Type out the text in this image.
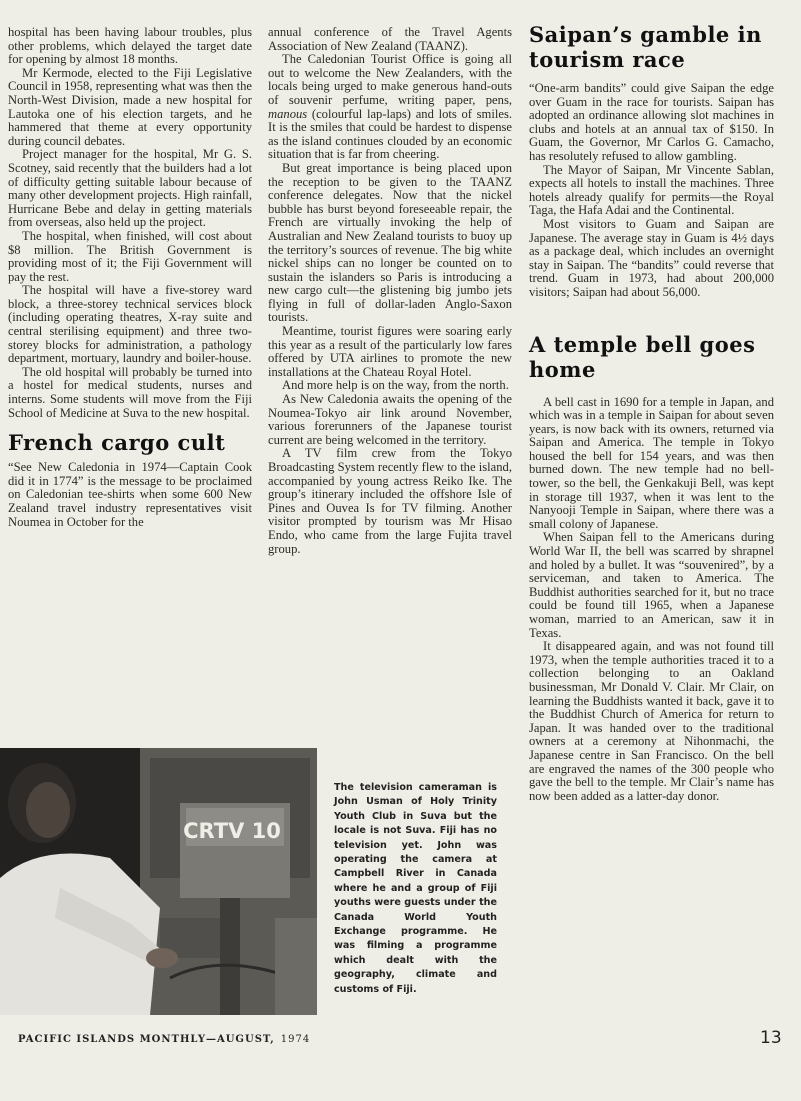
hospital has been having labour troubles, plus other problems, which delayed the target date for opening by almost 18 months.

Mr Kermode, elected to the Fiji Legislative Council in 1958, representing what was then the North-West Division, made a new hospital for Lautoka one of his election targets, and he hammered that theme at every opportunity during council debates.

Project manager for the hospital, Mr G. S. Scotney, said recently that the builders had a lot of difficulty getting suitable labour because of many other development projects. High rainfall, Hurricane Bebe and delay in getting materials from overseas, also held up the project.

The hospital, when finished, will cost about $8 million. The British Government is providing most of it; the Fiji Government will pay the rest.

The hospital will have a five-storey ward block, a three-storey technical services block (including operating theatres, X-ray suite and central sterilising equipment) and three two-storey blocks for administration, a pathology department, mortuary, laundry and boiler-house.

The old hospital will probably be turned into a hostel for medical students, nurses and interns. Some students will move from the Fiji School of Medicine at Suva to the new hospital.

French cargo cult

“See New Caledonia in 1974—Captain Cook did it in 1774” is the message to be proclaimed on Caledonian tee-shirts when some 600 New Zealand travel industry representatives visit Noumea in October for the

annual conference of the Travel Agents Association of New Zealand (TAANZ).

The Caledonian Tourist Office is going all out to welcome the New Zealanders, with the locals being urged to make generous hand-outs of souvenir perfume, writing paper, pens, manous (colourful lap-laps) and lots of smiles. It is the smiles that could be hardest to dispense as the island continues clouded by an economic situation that is far from cheering.

But great importance is being placed upon the reception to be given to the TAANZ conference delegates. Now that the nickel bubble has burst beyond foreseeable repair, the French are virtually invoking the help of Australian and New Zealand tourists to buoy up the territory’s sources of revenue. The big white nickel ships can no longer be counted on to sustain the islanders so Paris is introducing a new cargo cult—the glistening big jumbo jets flying in full of dollar-laden Anglo-Saxon tourists.

Meantime, tourist figures were soaring early this year as a result of the particularly low fares offered by UTA airlines to promote the new installations at the Chateau Royal Hotel.

And more help is on the way, from the north.

As New Caledonia awaits the opening of the Noumea-Tokyo air link around November, various forerunners of the Japanese tourist current are being welcomed in the territory.

A TV film crew from the Tokyo Broadcasting System recently flew to the island, accompanied by young actress Reiko Ike. The group’s itinerary included the offshore Isle of Pines and Ouvea Is for TV filming. Another visitor prompted by tourism was Mr Hisao Endo, who came from the large Fujita travel group.

Saipan’s gamble in tourism race

“One-arm bandits” could give Saipan the edge over Guam in the race for tourists. Saipan has adopted an ordinance allowing slot machines in clubs and hotels at an annual tax of $150. In Guam, the Governor, Mr Carlos G. Camacho, has resolutely refused to allow gambling.

The Mayor of Saipan, Mr Vincente Sablan, expects all hotels to install the machines. Three hotels already qualify for permits—the Royal Taga, the Hafa Adai and the Continental.

Most visitors to Guam and Saipan are Japanese. The average stay in Guam is 4½ days as a package deal, which includes an overnight stay in Saipan. The “bandits” could reverse that trend. Guam in 1973, had about 200,000 visitors; Saipan had about 56,000.

A temple bell goes home

A bell cast in 1690 for a temple in Japan, and which was in a temple in Saipan for about seven years, is now back with its owners, returned via Saipan and America. The temple in Tokyo housed the bell for 154 years, and was then burned down. The new temple had no bell-tower, so the bell, the Genkakuji Bell, was kept in storage till 1937, when it was lent to the Nanyooji Temple in Saipan, where there was a small colony of Japanese.

When Saipan fell to the Americans during World War II, the bell was scarred by shrapnel and holed by a bullet. It was “souvenired”, by a serviceman, and taken to America. The Buddhist authorities searched for it, but no trace could be found till 1965, when a Japanese woman, married to an American, saw it in Texas.

It disappeared again, and was not found till 1973, when the temple authorities traced it to a collection belonging to an Oakland businessman, Mr Donald V. Clair. Mr Clair, on learning the Buddhists wanted it back, gave it to the Buddhist Church of America for return to Japan. It was handed over to the traditional owners at a ceremony at Nihonmachi, the Japanese centre in San Francisco. On the bell are engraved the names of the 300 people who gave the bell to the temple. Mr Clair’s name has now been added as a latter-day donor.

CRTV 10
The television cameraman is John Usman of Holy Trinity Youth Club in Suva but the locale is not Suva. Fiji has no television yet. John was operating the camera at Campbell River in Canada where he and a group of Fiji youths were guests under the Canada World Youth Exchange programme. He was filming a programme which dealt with the geography, climate and customs of Fiji.
PACIFIC ISLANDS MONTHLY—AUGUST, 1974	13
